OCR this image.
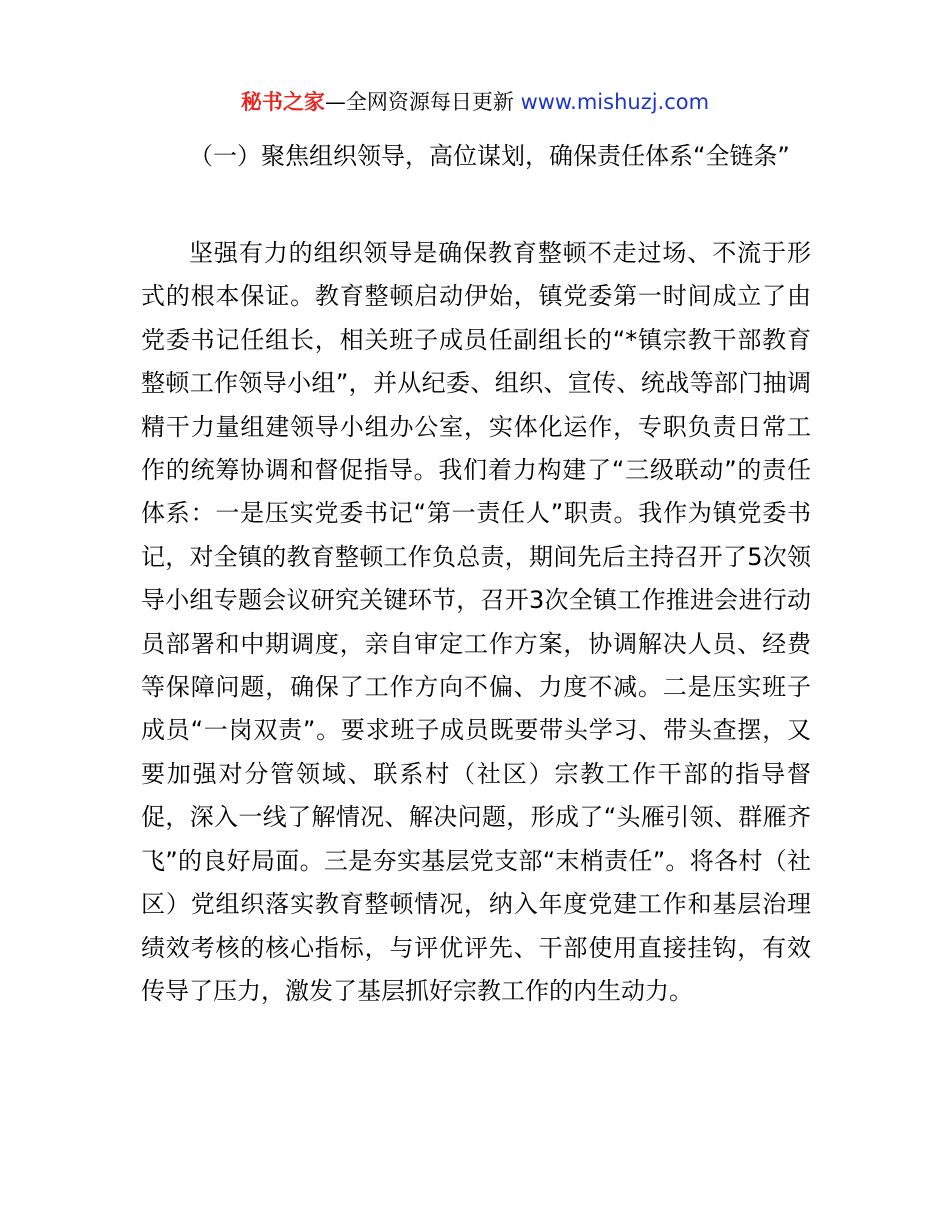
秘书之家—全网资源每日更新 www.mishuzj.com

（一）聚焦组织领导，高位谋划，确保责任体系“全链条”

坚强有力的组织领导是确保教育整顿不走过场、不流于形式的根本保证。教育整顿启动伊始，镇党委第一时间成立了由党委书记任组长，相关班子成员任副组长的“*镇宗教干部教育整顿工作领导小组”，并从纪委、组织、宣传、统战等部门抽调精干力量组建领导小组办公室，实体化运作，专职负责日常工作的统筹协调和督促指导。我们着力构建了“三级联动”的责任体系：一是压实党委书记“第一责任人”职责。我作为镇党委书记，对全镇的教育整顿工作负总责，期间先后主持召开了5次领导小组专题会议研究关键环节，召开3次全镇工作推进会进行动员部署和中期调度，亲自审定工作方案，协调解决人员、经费等保障问题，确保了工作方向不偏、力度不减。二是压实班子成员“一岗双责”。要求班子成员既要带头学习、带头查摆，又要加强对分管领域、联系村（社区）宗教工作干部的指导督促，深入一线了解情况、解决问题，形成了“头雁引领、群雁齐飞”的良好局面。三是夯实基层党支部“末梢责任”。将各村（社区）党组织落实教育整顿情况，纳入年度党建工作和基层治理绩效考核的核心指标，与评优评先、干部使用直接挂钩，有效传导了压力，激发了基层抓好宗教工作的内生动力。
